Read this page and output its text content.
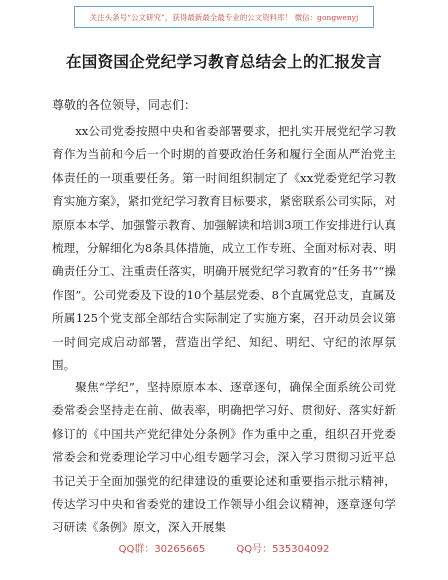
关注头条号“公文研究”，获得最新最全最专业的公文资料库！ 微信：gongwenyj
在国资国企党纪学习教育总结会上的汇报发言
尊敬的各位领导，同志们：

xx公司党委按照中央和省委部署要求，把扎实开展党纪学习教育作为当前和今后一个时期的首要政治任务和履行全面从严治党主体责任的一项重要任务。第一时间组织制定了《xx党委党纪学习教育实施方案》，紧扣党纪学习教育目标要求，紧密联系公司实际，对原原本本学、加强警示教育、加强解读和培训3项工作安排进行认真梳理，分解细化为8条具体措施，成立工作专班、全面对标对表、明确责任分工、注重责任落实，明确开展党纪学习教育的“任务书”“操作图”。公司党委及下设的10个基层党委、8个直属党总支，直属及所属125个党支部全部结合实际制定了实施方案，召开动员会议第一时间完成启动部署，营造出学纪、知纪、明纪、守纪的浓厚氛围。

聚焦“学纪”，坚持原原本本、逐章逐句，确保全面系统公司党委常委会坚持走在前、做表率，明确把学习好、贯彻好、落实好新修订的《中国共产党纪律处分条例》作为重中之重，组织召开党委常委会和党委理论学习中心组专题学习会，深入学习贯彻习近平总书记关于全面加强党的纪律建设的重要论述和重要指示批示精神，传达学习中央和省委党的建设工作领导小组会议精神，逐章逐句学习研读《条例》原文，深入开展集

QQ群：30265665	QQ号：535304092
